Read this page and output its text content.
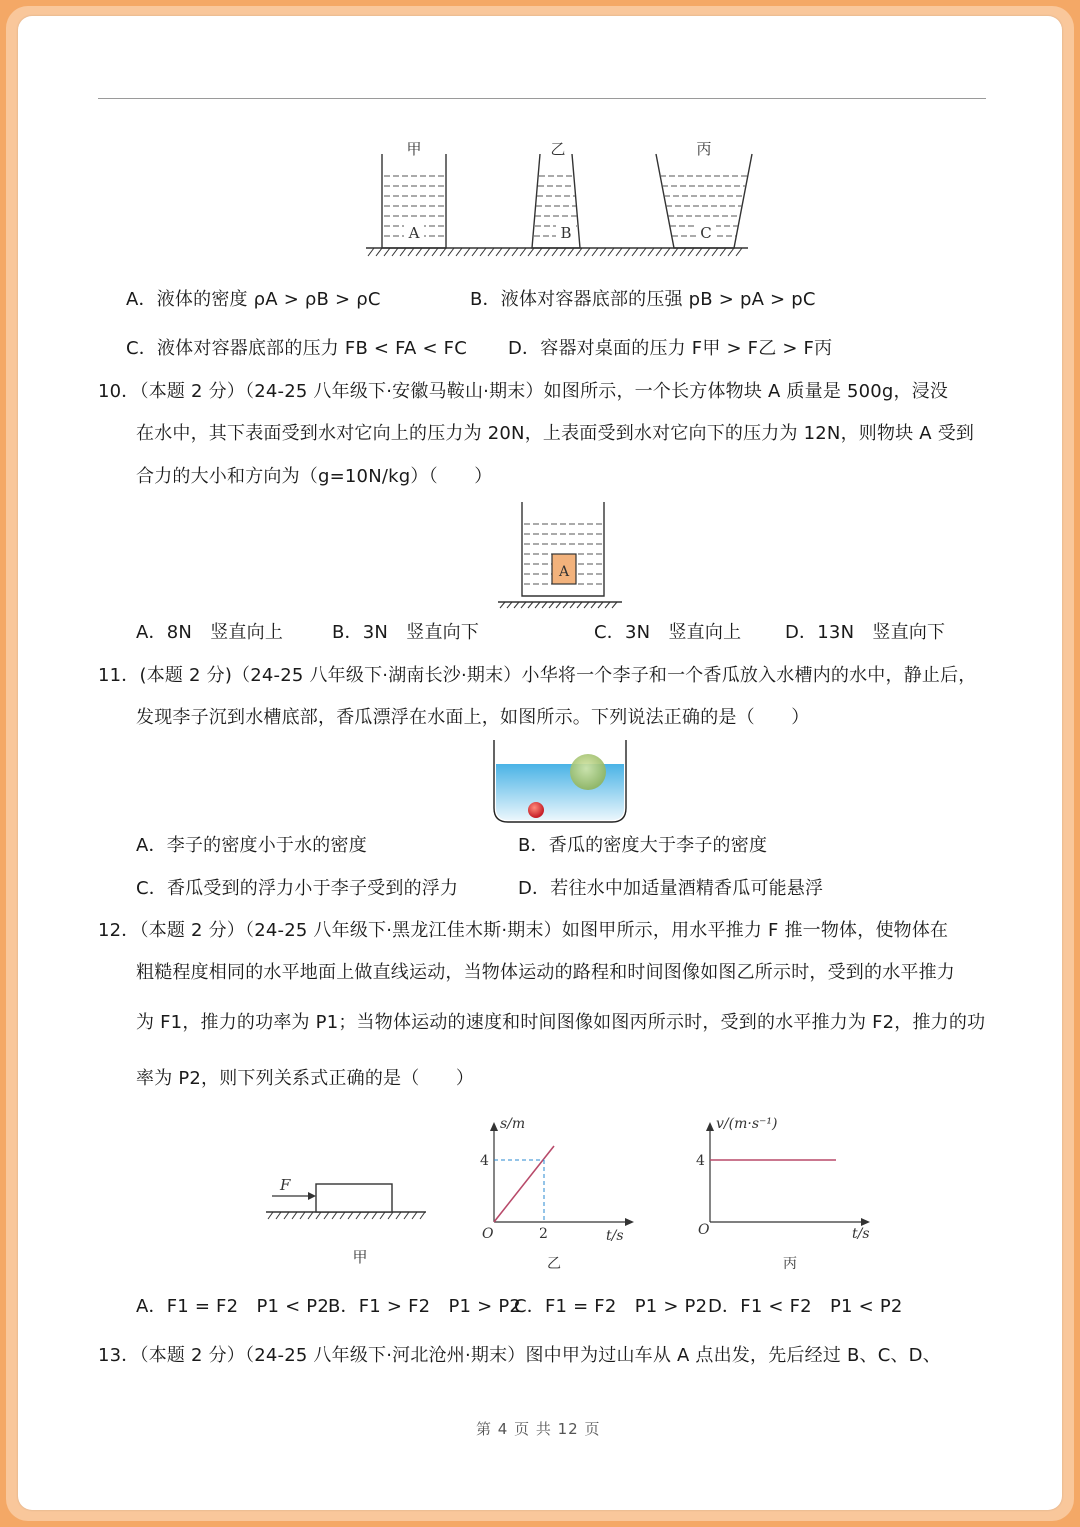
甲	乙	丙
A	B	C
A．液体的密度 ρA > ρB > ρC	B．液体对容器底部的压强 pB > pA > pC
C．液体对容器底部的压力 FB < FA < FC D．容器对桌面的压力 F甲 > F乙 > F丙
10．（本题 2 分）（24-25 八年级下·安徽马鞍山·期末）如图所示，一个长方体物块 A 质量是 500g，浸没
在水中，其下表面受到水对它向上的压力为 20N，上表面受到水对它向下的压力为 12N，则物块 A 受到
合力的大小和方向为（g=10N/kg）（　　）
A
A．8N　竖直向上	B．3N　竖直向下	C．3N　竖直向上 D．13N　竖直向下
11．(本题 2 分)（24-25 八年级下·湖南长沙·期末）小华将一个李子和一个香瓜放入水槽内的水中，静止后，
发现李子沉到水槽底部，香瓜漂浮在水面上，如图所示。下列说法正确的是（　　）
A．李子的密度小于水的密度	B．香瓜的密度大于李子的密度
C．香瓜受到的浮力小于李子受到的浮力	D．若往水中加适量酒精香瓜可能悬浮
12．（本题 2 分）（24-25 八年级下·黑龙江佳木斯·期末）如图甲所示，用水平推力 F 推一物体，使物体在
粗糙程度相同的水平地面上做直线运动，当物体运动的路程和时间图像如图乙所示时，受到的水平推力
为 F1，推力的功率为 P1；当物体运动的速度和时间图像如图丙所示时，受到的水平推力为 F2，推力的功
率为 P2，则下列关系式正确的是（　　）
F
甲
s/m
4
O	2	t/s
乙
v/(m·s⁻¹)
4
O	t/s
丙
A．F1 = F2　P1 < P2 B．F1 > F2　P1 > P2
C．F1 = F2　P1 > P2 D．F1 < F2　P1 < P2
13．（本题 2 分）（24-25 八年级下·河北沧州·期末）图中甲为过山车从 A 点出发，先后经过 B、C、D、
第 4 页 共 12 页
